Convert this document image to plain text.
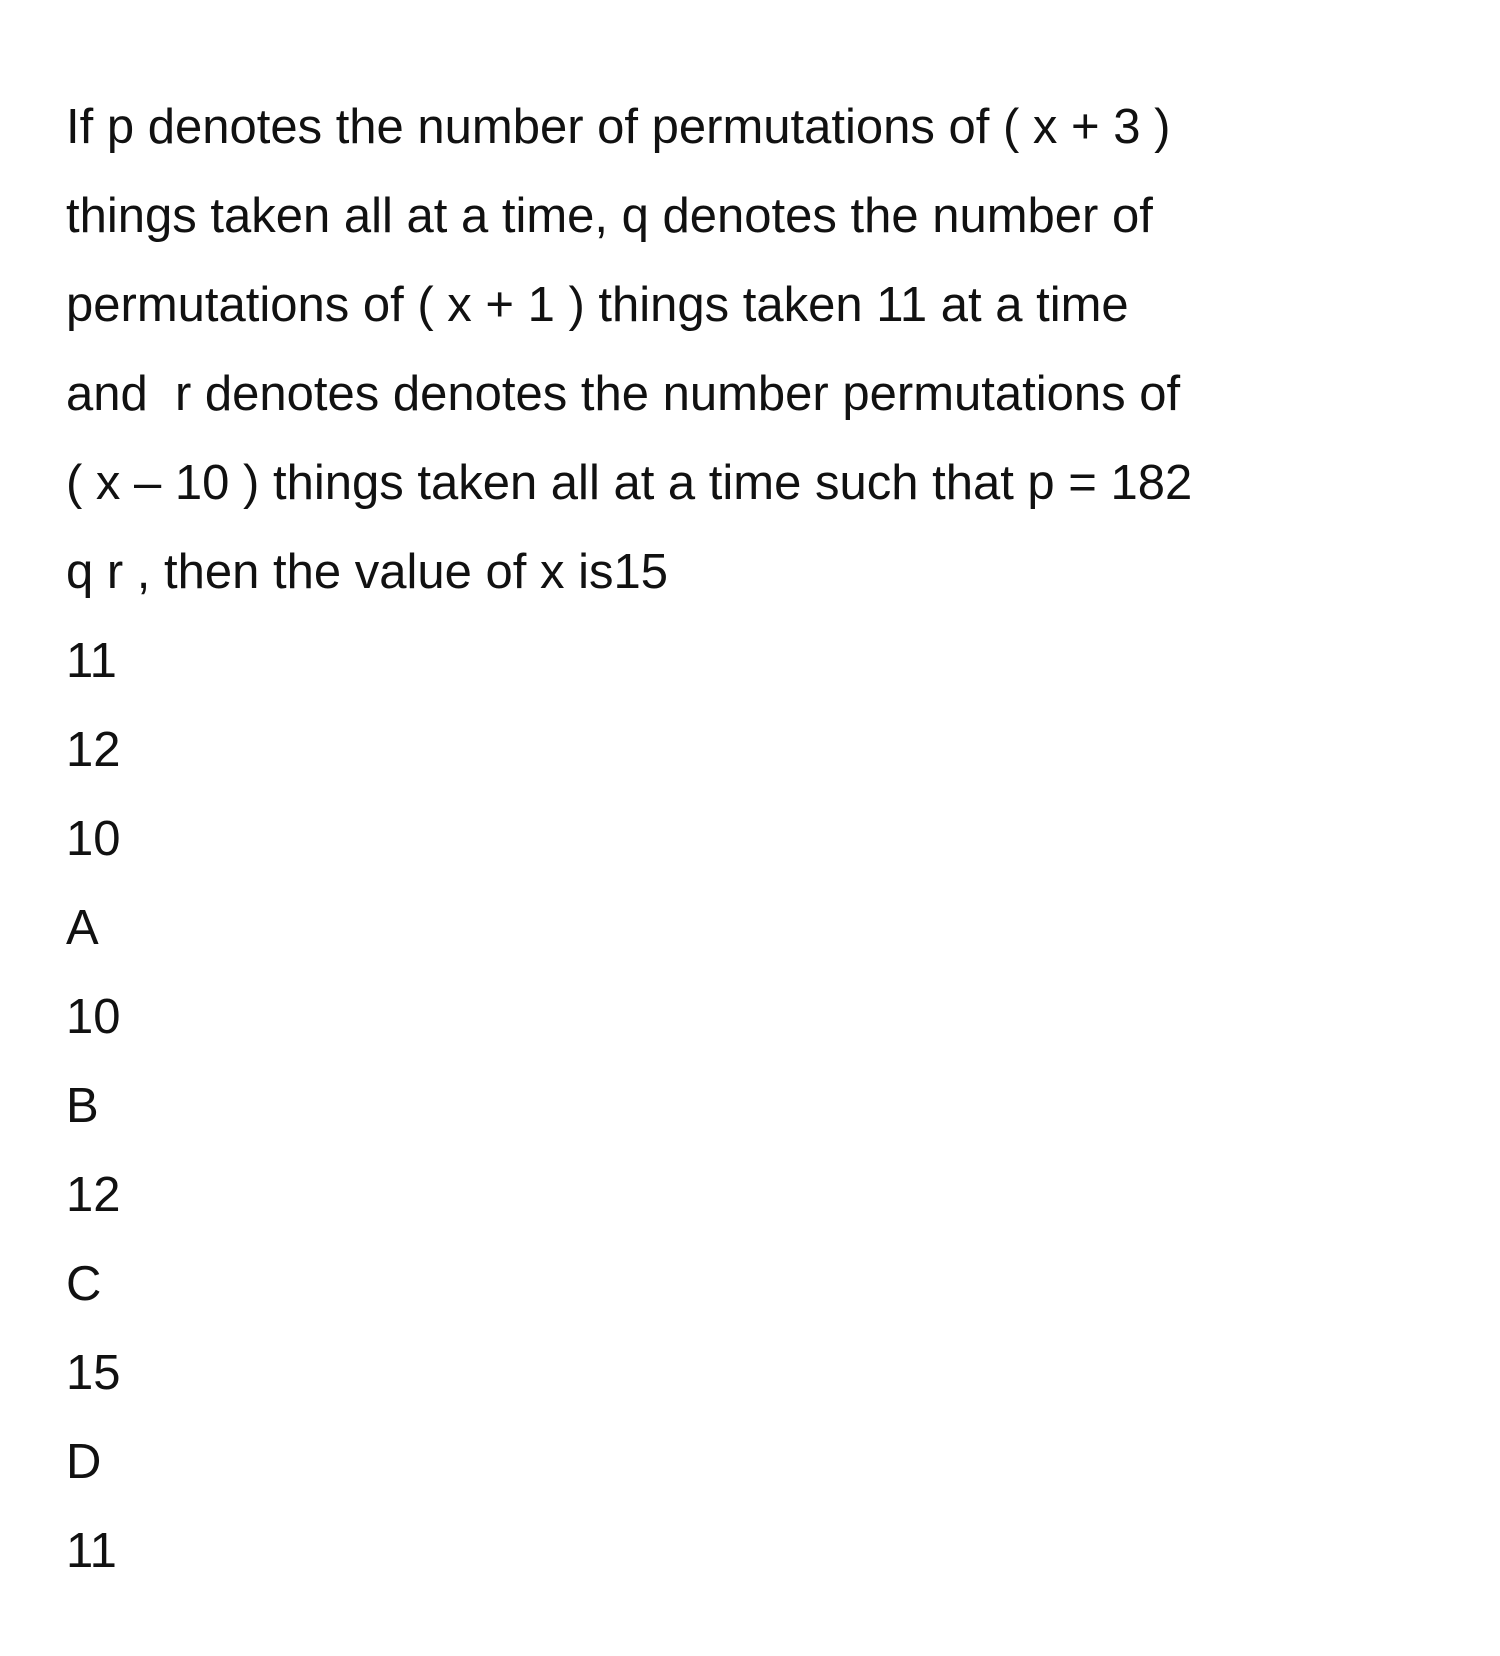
If p denotes the number of permutations of ( x + 3 )
things taken all at a time, q denotes the number of
permutations of ( x + 1 ) things taken 11 at a time
and  r denotes denotes the number permutations of
( x – 10 ) things taken all at a time such that p = 182
q r , then the value of x is15
11
12
10
A
10
B
12
C
15
D
11
